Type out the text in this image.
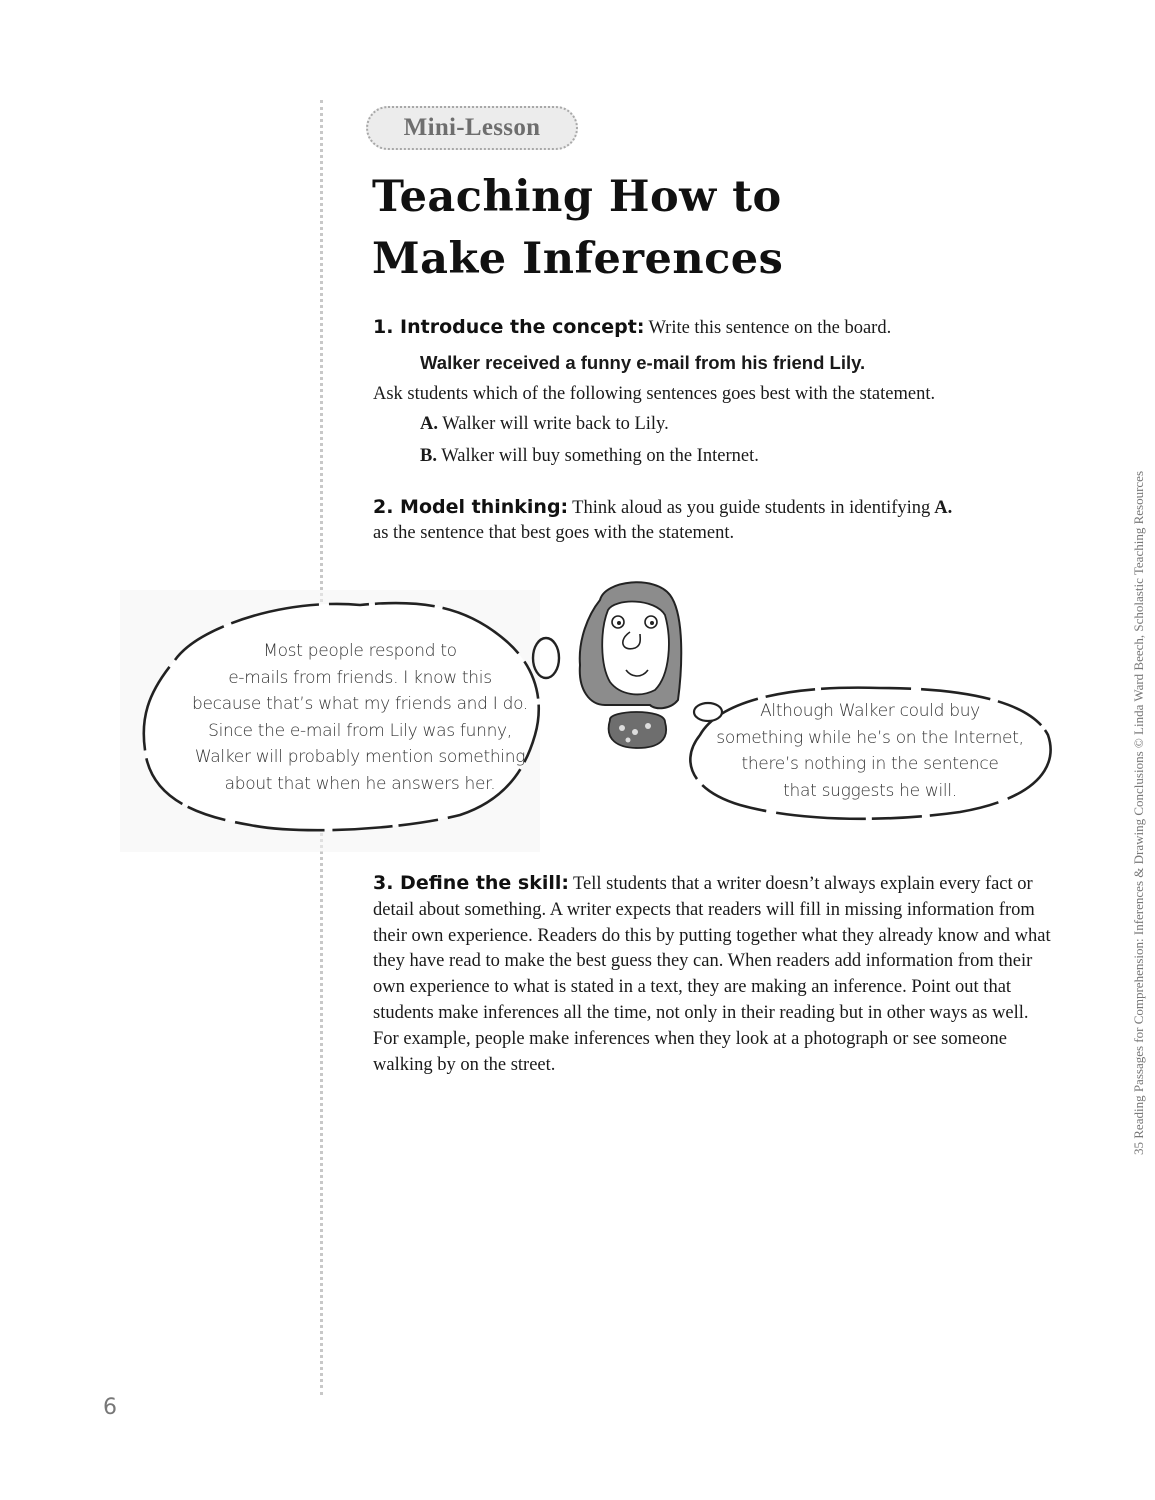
Mini-Lesson
Teaching How to
Make Inferences
1. Introduce the concept: Write this sentence on the board.
Walker received a funny e-mail from his friend Lily.
Ask students which of the following sentences goes best with the statement.
A. Walker will write back to Lily.
B. Walker will buy something on the Internet.
2. Model thinking: Think aloud as you guide students in identifying A.
as the sentence that best goes with the statement.
Most people respond to
e-mails from friends. I know this
because that’s what my friends and I do.
Since the e-mail from Lily was funny,
Walker will probably mention something
about that when he answers her.
Although Walker could buy
something while he’s on the Internet,
there’s nothing in the sentence
that suggests he will.
3. Define the skill: Tell students that a writer doesn’t always explain every fact or detail about something. A writer expects that readers will fill in missing information from their own experience. Readers do this by putting together what they already know and what they have read to make the best guess they can. When readers add information from their own experience to what is stated in a text, they are making an inference. Point out that students make inferences all the time, not only in their reading but in other ways as well. For example, people make inferences when they look at a photograph or see someone walking by on the street.	35 Reading Passages for Comprehension: Inferences & Drawing Conclusions © Linda Ward Beech, Scholastic Teaching Resources
6
